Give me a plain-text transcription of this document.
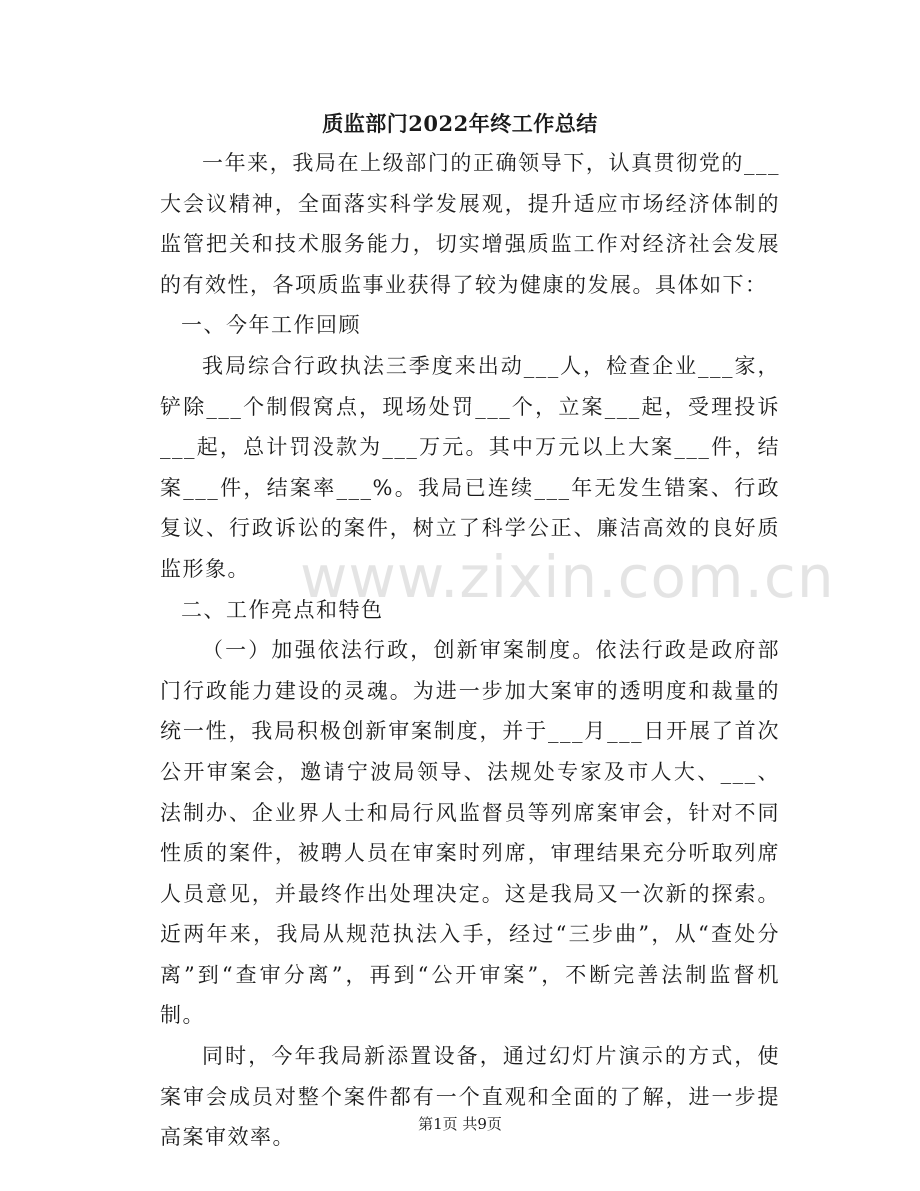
质监部门2022年终工作总结

一年来，我局在上级部门的正确领导下，认真贯彻党的___大会议精神，全面落实科学发展观，提升适应市场经济体制的监管把关和技术服务能力，切实增强质监工作对经济社会发展的有效性，各项质监事业获得了较为健康的发展。具体如下：

一、今年工作回顾

我局综合行政执法三季度来出动___人，检查企业___家，铲除___个制假窝点，现场处罚___个，立案___起，受理投诉___起，总计罚没款为___万元。其中万元以上大案___件，结案___件，结案率___%。我局已连续___年无发生错案、行政复议、行政诉讼的案件，树立了科学公正、廉洁高效的良好质监形象。

二、工作亮点和特色

（一）加强依法行政，创新审案制度。依法行政是政府部门行政能力建设的灵魂。为进一步加大案审的透明度和裁量的统一性，我局积极创新审案制度，并于___月___日开展了首次公开审案会，邀请宁波局领导、法规处专家及市人大、___、法制办、企业界人士和局行风监督员等列席案审会，针对不同性质的案件，被聘人员在审案时列席，审理结果充分听取列席人员意见，并最终作出处理决定。这是我局又一次新的探索。近两年来，我局从规范执法入手，经过“三步曲”，从“查处分离”到“查审分离”，再到“公开审案”，不断完善法制监督机制。

同时，今年我局新添置设备，通过幻灯片演示的方式，使案审会成员对整个案件都有一个直观和全面的了解，进一步提高案审效率。

www.zixin.com.cn
第1页 共9页
